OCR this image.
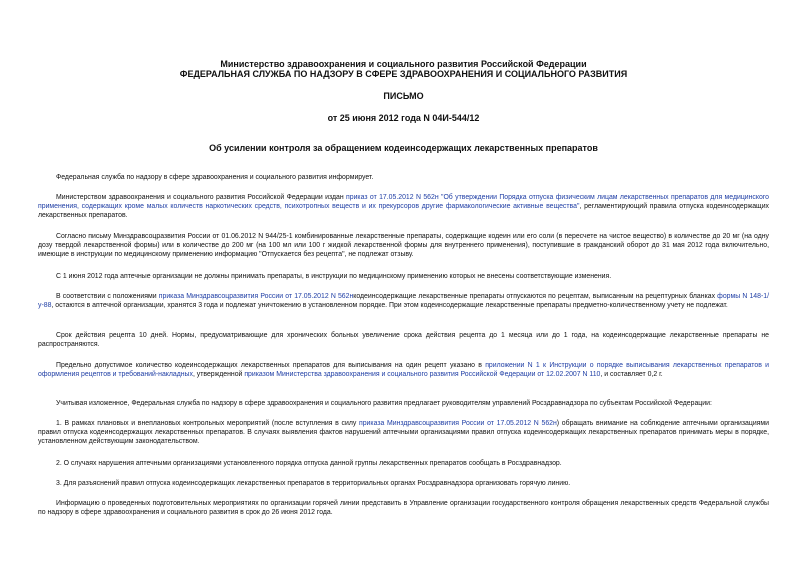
Министерство здравоохранения и социального развития Российской Федерации
ФЕДЕРАЛЬНАЯ СЛУЖБА ПО НАДЗОРУ В СФЕРЕ ЗДРАВООХРАНЕНИЯ И СОЦИАЛЬНОГО РАЗВИТИЯ
ПИСЬМО
от 25 июня 2012 года N 04И-544/12
Об усилении контроля за обращением кодеинсодержащих лекарственных препаратов

Федеральная служба по надзору в сфере здравоохранения и социального развития информирует.

Министерством здравоохранения и социального развития Российской Федерации издан приказ от 17.05.2012 N 562н "Об утверждении Порядка отпуска физическим лицам лекарственных препаратов для медицинского применения, содержащих кроме малых количеств наркотических средств, психотропных веществ и их прекурсоров другие фармакологические активные вещества", регламентирующий правила отпуска кодеинсодержащих лекарственных препаратов.

Согласно письму Минздравсоцразвития России от 01.06.2012 N 944/25-1 комбинированные лекарственные препараты, содержащие кодеин или его соли (в пересчете на чистое вещество) в количестве до 20 мг (на одну дозу твердой лекарственной формы) или в количестве до 200 мг (на 100 мл или 100 г жидкой лекарственной формы для внутреннего применения), поступившие в гражданский оборот до 31 мая 2012 года включительно, имеющие в инструкции по медицинскому применению информацию "Отпускается без рецепта", не подлежат отзыву.

С 1 июня 2012 года аптечные организации не должны принимать препараты, в инструкции по медицинскому применению которых не внесены соответствующие изменения.

В соответствии с положениями приказа Минздравсоцразвития России от 17.05.2012 N 562нкодеинсодержащие лекарственные препараты отпускаются по рецептам, выписанным на рецептурных бланках формы N 148-1/у-88, остаются в аптечной организации, хранятся 3 года и подлежат уничтожению в установленном порядке. При этом кодеинсодержащие лекарственные препараты предметно-количественному учету не подлежат.

Срок действия рецепта 10 дней. Нормы, предусматривающие для хронических больных увеличение срока действия рецепта до 1 месяца или до 1 года, на кодеинсодержащие лекарственные препараты не распространяются.

Предельно допустимое количество кодеинсодержащих лекарственных препаратов для выписывания на один рецепт указано в приложении N 1 к Инструкции о порядке выписывания лекарственных препаратов и оформления рецептов и требований-накладных, утвержденной приказом Министерства здравоохранения и социального развития Российской Федерации от 12.02.2007 N 110, и составляет 0,2 г.

Учитывая изложенное, Федеральная служба по надзору в сфере здравоохранения и социального развития предлагает руководителям управлений Росздравнадзора по субъектам Российской Федерации:

1. В рамках плановых и внеплановых контрольных мероприятий (после вступления в силу приказа Минздравсоцразвития России от 17.05.2012 N 562н) обращать внимание на соблюдение аптечными организациями правил отпуска кодеинсодержащих лекарственных препаратов. В случаях выявления фактов нарушений аптечными организациями правил отпуска кодеинсодержащих лекарственных препаратов принимать меры в порядке, установленном действующим законодательством.

2. О случаях нарушения аптечными организациями установленного порядка отпуска данной группы лекарственных препаратов сообщать в Росздравнадзор.

3. Для разъяснений правил отпуска кодеинсодержащих лекарственных препаратов в территориальных органах Росздравнадзора организовать горячую линию.

Информацию о проведенных подготовительных мероприятиях по организации горячей линии представить в Управление организации государственного контроля обращения лекарственных средств Федеральной службы по надзору в сфере здравоохранения и социального развития в срок до 26 июня 2012 года.
